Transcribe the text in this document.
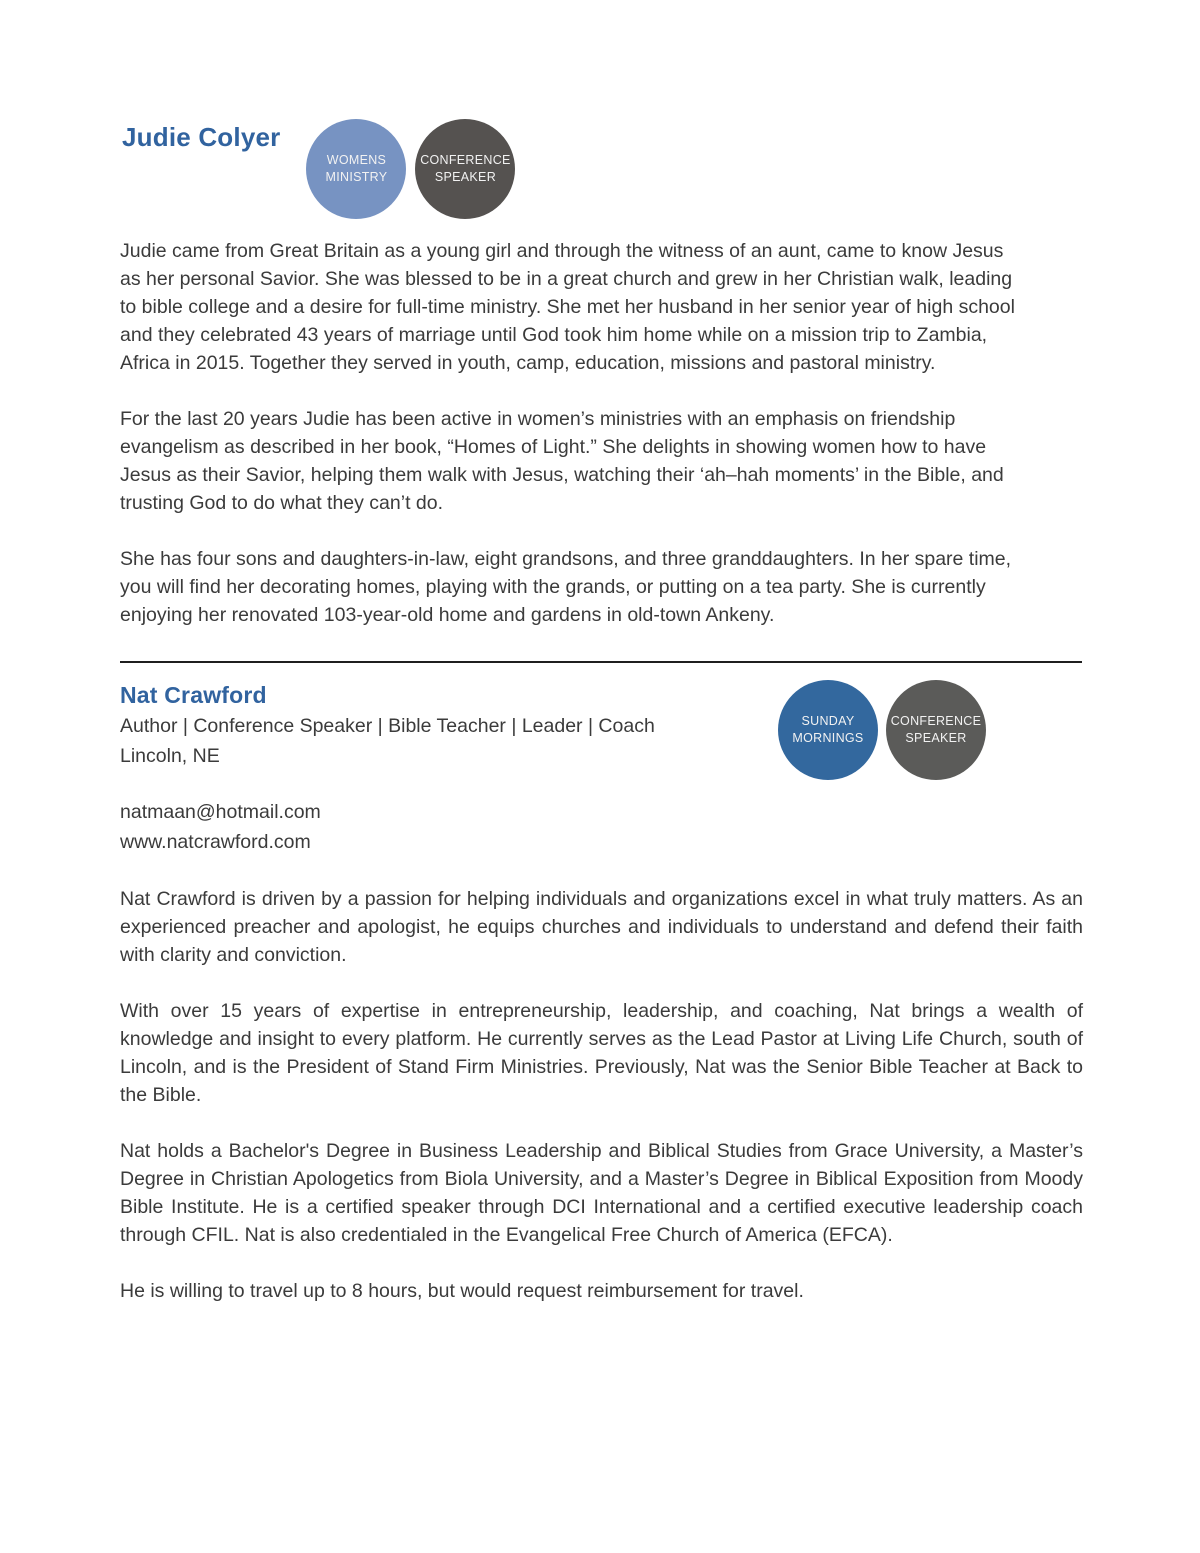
Judie Colyer
WOMENS
MINISTRY
CONFERENCE
SPEAKER

Judie came from Great Britain as a young girl and through the witness of an aunt, came to know Jesus as her personal Savior. She was blessed to be in a great church and grew in her Christian walk, leading to bible college and a desire for full-time ministry. She met her husband in her senior year of high school and they celebrated 43 years of marriage until God took him home while on a mission trip to Zambia, Africa in 2015. Together they served in youth, camp, education, missions and pastoral ministry.

For the last 20 years Judie has been active in women’s ministries with an emphasis on friendship evangelism as described in her book, “Homes of Light.” She delights in showing women how to have Jesus as their Savior, helping them walk with Jesus, watching their ‘ah–hah moments’ in the Bible, and trusting God to do what they can’t do.

She has four sons and daughters-in-law, eight grandsons, and three granddaughters. In her spare time, you will find her decorating homes, playing with the grands, or putting on a tea party. She is currently enjoying her renovated 103-year-old home and gardens in old-town Ankeny.

Nat Crawford
Author | Conference Speaker | Bible Teacher | Leader | Coach
Lincoln, NE
SUNDAY
MORNINGS
CONFERENCE
SPEAKER
natmaan@hotmail.com
www.natcrawford.com

Nat Crawford is driven by a passion for helping individuals and organizations excel in what truly matters. As an experienced preacher and apologist, he equips churches and individuals to understand and defend their faith with clarity and conviction.

With over 15 years of expertise in entrepreneurship, leadership, and coaching, Nat brings a wealth of knowledge and insight to every platform. He currently serves as the Lead Pastor at Living Life Church, south of Lincoln, and is the President of Stand Firm Ministries. Previously, Nat was the Senior Bible Teacher at Back to the Bible.

Nat holds a Bachelor's Degree in Business Leadership and Biblical Studies from Grace University, a Master’s Degree in Christian Apologetics from Biola University, and a Master’s Degree in Biblical Exposition from Moody Bible Institute. He is a certified speaker through DCI International and a certified executive leadership coach through CFIL. Nat is also credentialed in the Evangelical Free Church of America (EFCA).

He is willing to travel up to 8 hours, but would request reimbursement for travel.
